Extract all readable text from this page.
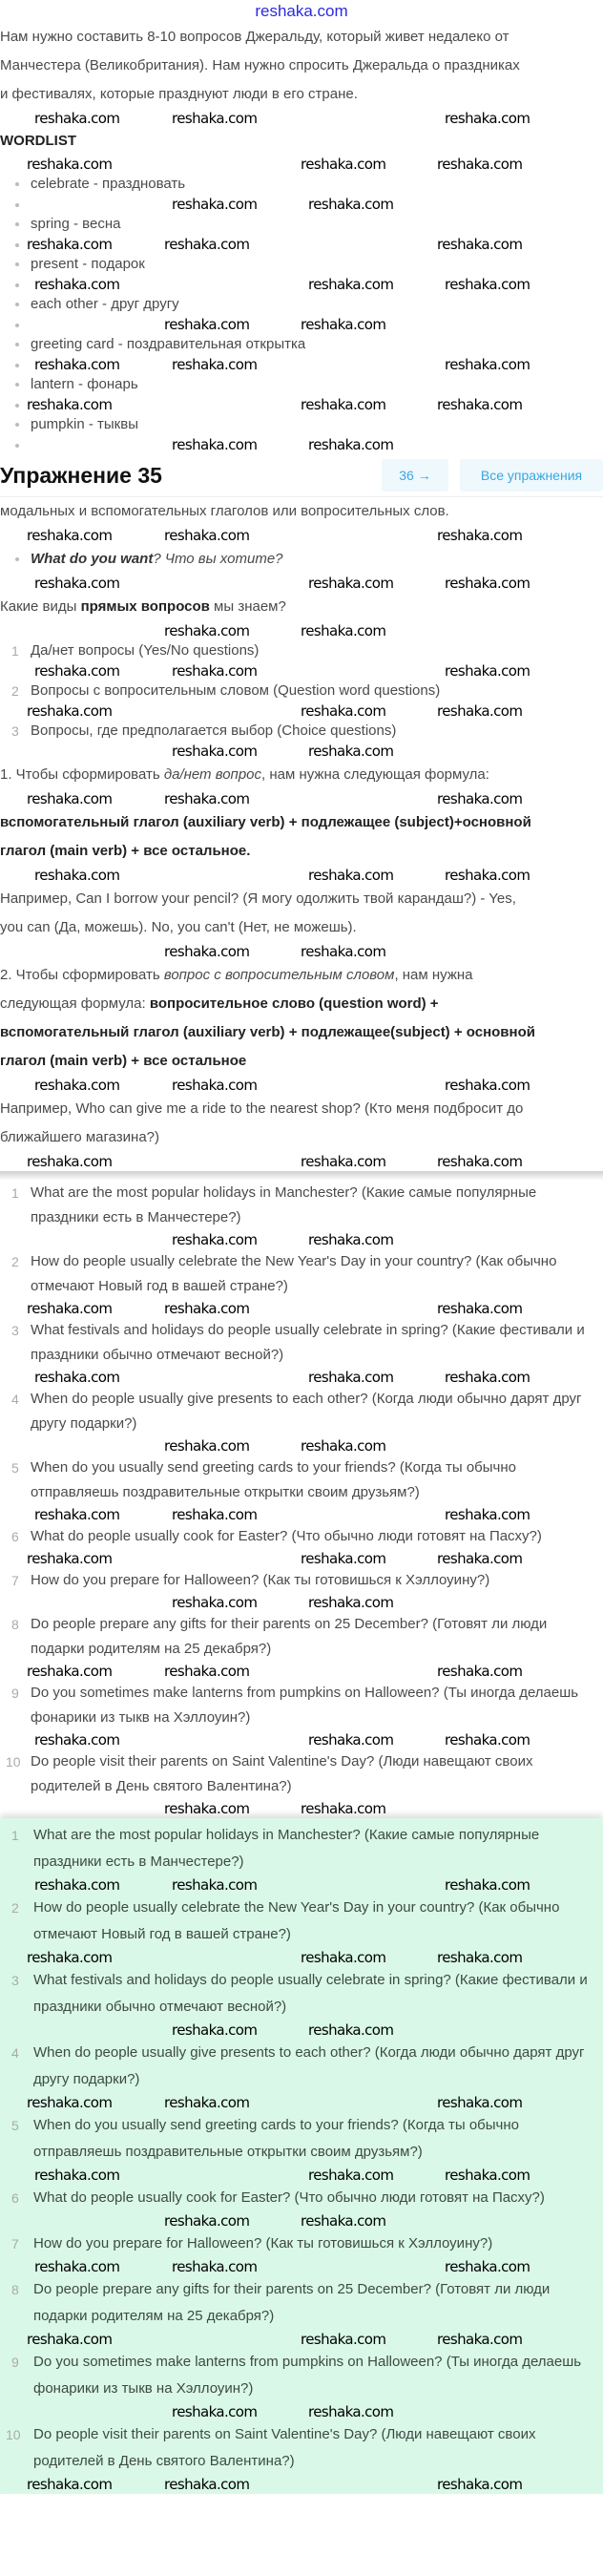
reshaka.com

Нам нужно составить 8-10 вопросов Джеральду, который живет недалеко от

Манчестера (Великобритания). Нам нужно спросить Джеральда о праздниках

и фестивалях, которые празднуют люди в его стране.

reshaka.com	reshaka.com	reshaka.com
WORDLIST
reshaka.com	reshaka.com	reshaka.com
celebrate - праздновать
reshaka.com	reshaka.com
spring - весна
reshaka.com	reshaka.com	reshaka.com
present - подарок
reshaka.com	reshaka.com	reshaka.com
each other - друг другу
reshaka.com	reshaka.com
greeting card - поздравительная открытка
reshaka.com	reshaka.com	reshaka.com
lantern - фонарь
reshaka.com	reshaka.com	reshaka.com
pumpkin - тыквы
reshaka.com	reshaka.com
Упражнение 35	36 →	Все упражнения

модальных и вспомогательных глаголов или вопросительных слов.

reshaka.com	reshaka.com	reshaka.com

What do you want? Что вы хотите?

reshaka.com	reshaka.com	reshaka.com

Какие виды прямых вопросов мы знаем?

reshaka.com	reshaka.com
1 Да/нет вопросы (Yes/No questions)
reshaka.com	reshaka.com	reshaka.com
2 Вопросы с вопросительным словом (Question word questions)
reshaka.com	reshaka.com	reshaka.com
3 Вопросы, где предполагается выбор (Choice questions)
reshaka.com	reshaka.com

1. Чтобы сформировать да/нет вопрос, нам нужна следующая формула:

reshaka.com	reshaka.com	reshaka.com

вспомогательный глагол (auxiliary verb) + подлежащее (subject)+основной

глагол (main verb) + все остальное.

reshaka.com	reshaka.com	reshaka.com

Например, Can I borrow your pencil? (Я могу одолжить твой карандаш?) - Yes,

you can (Да, можешь). No, you can't (Нет, не можешь).

reshaka.com	reshaka.com

2. Чтобы сформировать вопрос с вопросительным словом, нам нужна

следующая формула: вопросительное слово (question word) +

вспомогательный глагол (auxiliary verb) + подлежащее(subject) + основной

глагол (main verb) + все остальное

reshaka.com	reshaka.com	reshaka.com

Например, Who can give me a ride to the nearest shop? (Кто меня подбросит до

ближайшего магазина?)

reshaka.com	reshaka.com	reshaka.com
1 What are the most popular holidays in Manchester? (Какие самые популярные праздники есть в Манчестере?)
reshaka.com	reshaka.com
2 How do people usually celebrate the New Year's Day in your country? (Как обычно отмечают Новый год в вашей стране?)
reshaka.com	reshaka.com	reshaka.com
3 What festivals and holidays do people usually celebrate in spring? (Какие фестивали и праздники обычно отмечают весной?)
reshaka.com	reshaka.com	reshaka.com
4 When do people usually give presents to each other? (Когда люди обычно дарят друг другу подарки?)
reshaka.com	reshaka.com
5 When do you usually send greeting cards to your friends? (Когда ты обычно отправляешь поздравительные открытки своим друзьям?)
reshaka.com	reshaka.com	reshaka.com
6 What do people usually cook for Easter? (Что обычно люди готовят на Пасху?)
reshaka.com	reshaka.com	reshaka.com
7 How do you prepare for Halloween? (Как ты готовишься к Хэллоуину?)
reshaka.com	reshaka.com
8 Do people prepare any gifts for their parents on 25 December? (Готовят ли люди подарки родителям на 25 декабря?)
reshaka.com	reshaka.com	reshaka.com
9 Do you sometimes make lanterns from pumpkins on Halloween? (Ты иногда делаешь фонарики из тыкв на Хэллоуин?)
reshaka.com	reshaka.com	reshaka.com
10 Do people visit their parents on Saint Valentine's Day? (Люди навещают своих родителей в День святого Валентина?)
reshaka.com	reshaka.com
1 What are the most popular holidays in Manchester? (Какие самые популярные праздники есть в Манчестере?)
reshaka.com	reshaka.com	reshaka.com
2 How do people usually celebrate the New Year's Day in your country? (Как обычно отмечают Новый год в вашей стране?)
reshaka.com	reshaka.com	reshaka.com
3 What festivals and holidays do people usually celebrate in spring? (Какие фестивали и праздники обычно отмечают весной?)
reshaka.com	reshaka.com
4 When do people usually give presents to each other? (Когда люди обычно дарят друг другу подарки?)
reshaka.com	reshaka.com	reshaka.com
5 When do you usually send greeting cards to your friends? (Когда ты обычно отправляешь поздравительные открытки своим друзьям?)
reshaka.com	reshaka.com	reshaka.com
6 What do people usually cook for Easter? (Что обычно люди готовят на Пасху?)
reshaka.com	reshaka.com
7 How do you prepare for Halloween? (Как ты готовишься к Хэллоуину?)
reshaka.com	reshaka.com	reshaka.com
8 Do people prepare any gifts for their parents on 25 December? (Готовят ли люди подарки родителям на 25 декабря?)
reshaka.com	reshaka.com	reshaka.com
9 Do you sometimes make lanterns from pumpkins on Halloween? (Ты иногда делаешь фонарики из тыкв на Хэллоуин?)
reshaka.com	reshaka.com
10 Do people visit their parents on Saint Valentine's Day? (Люди навещают своих родителей в День святого Валентина?)
reshaka.com	reshaka.com	reshaka.com
